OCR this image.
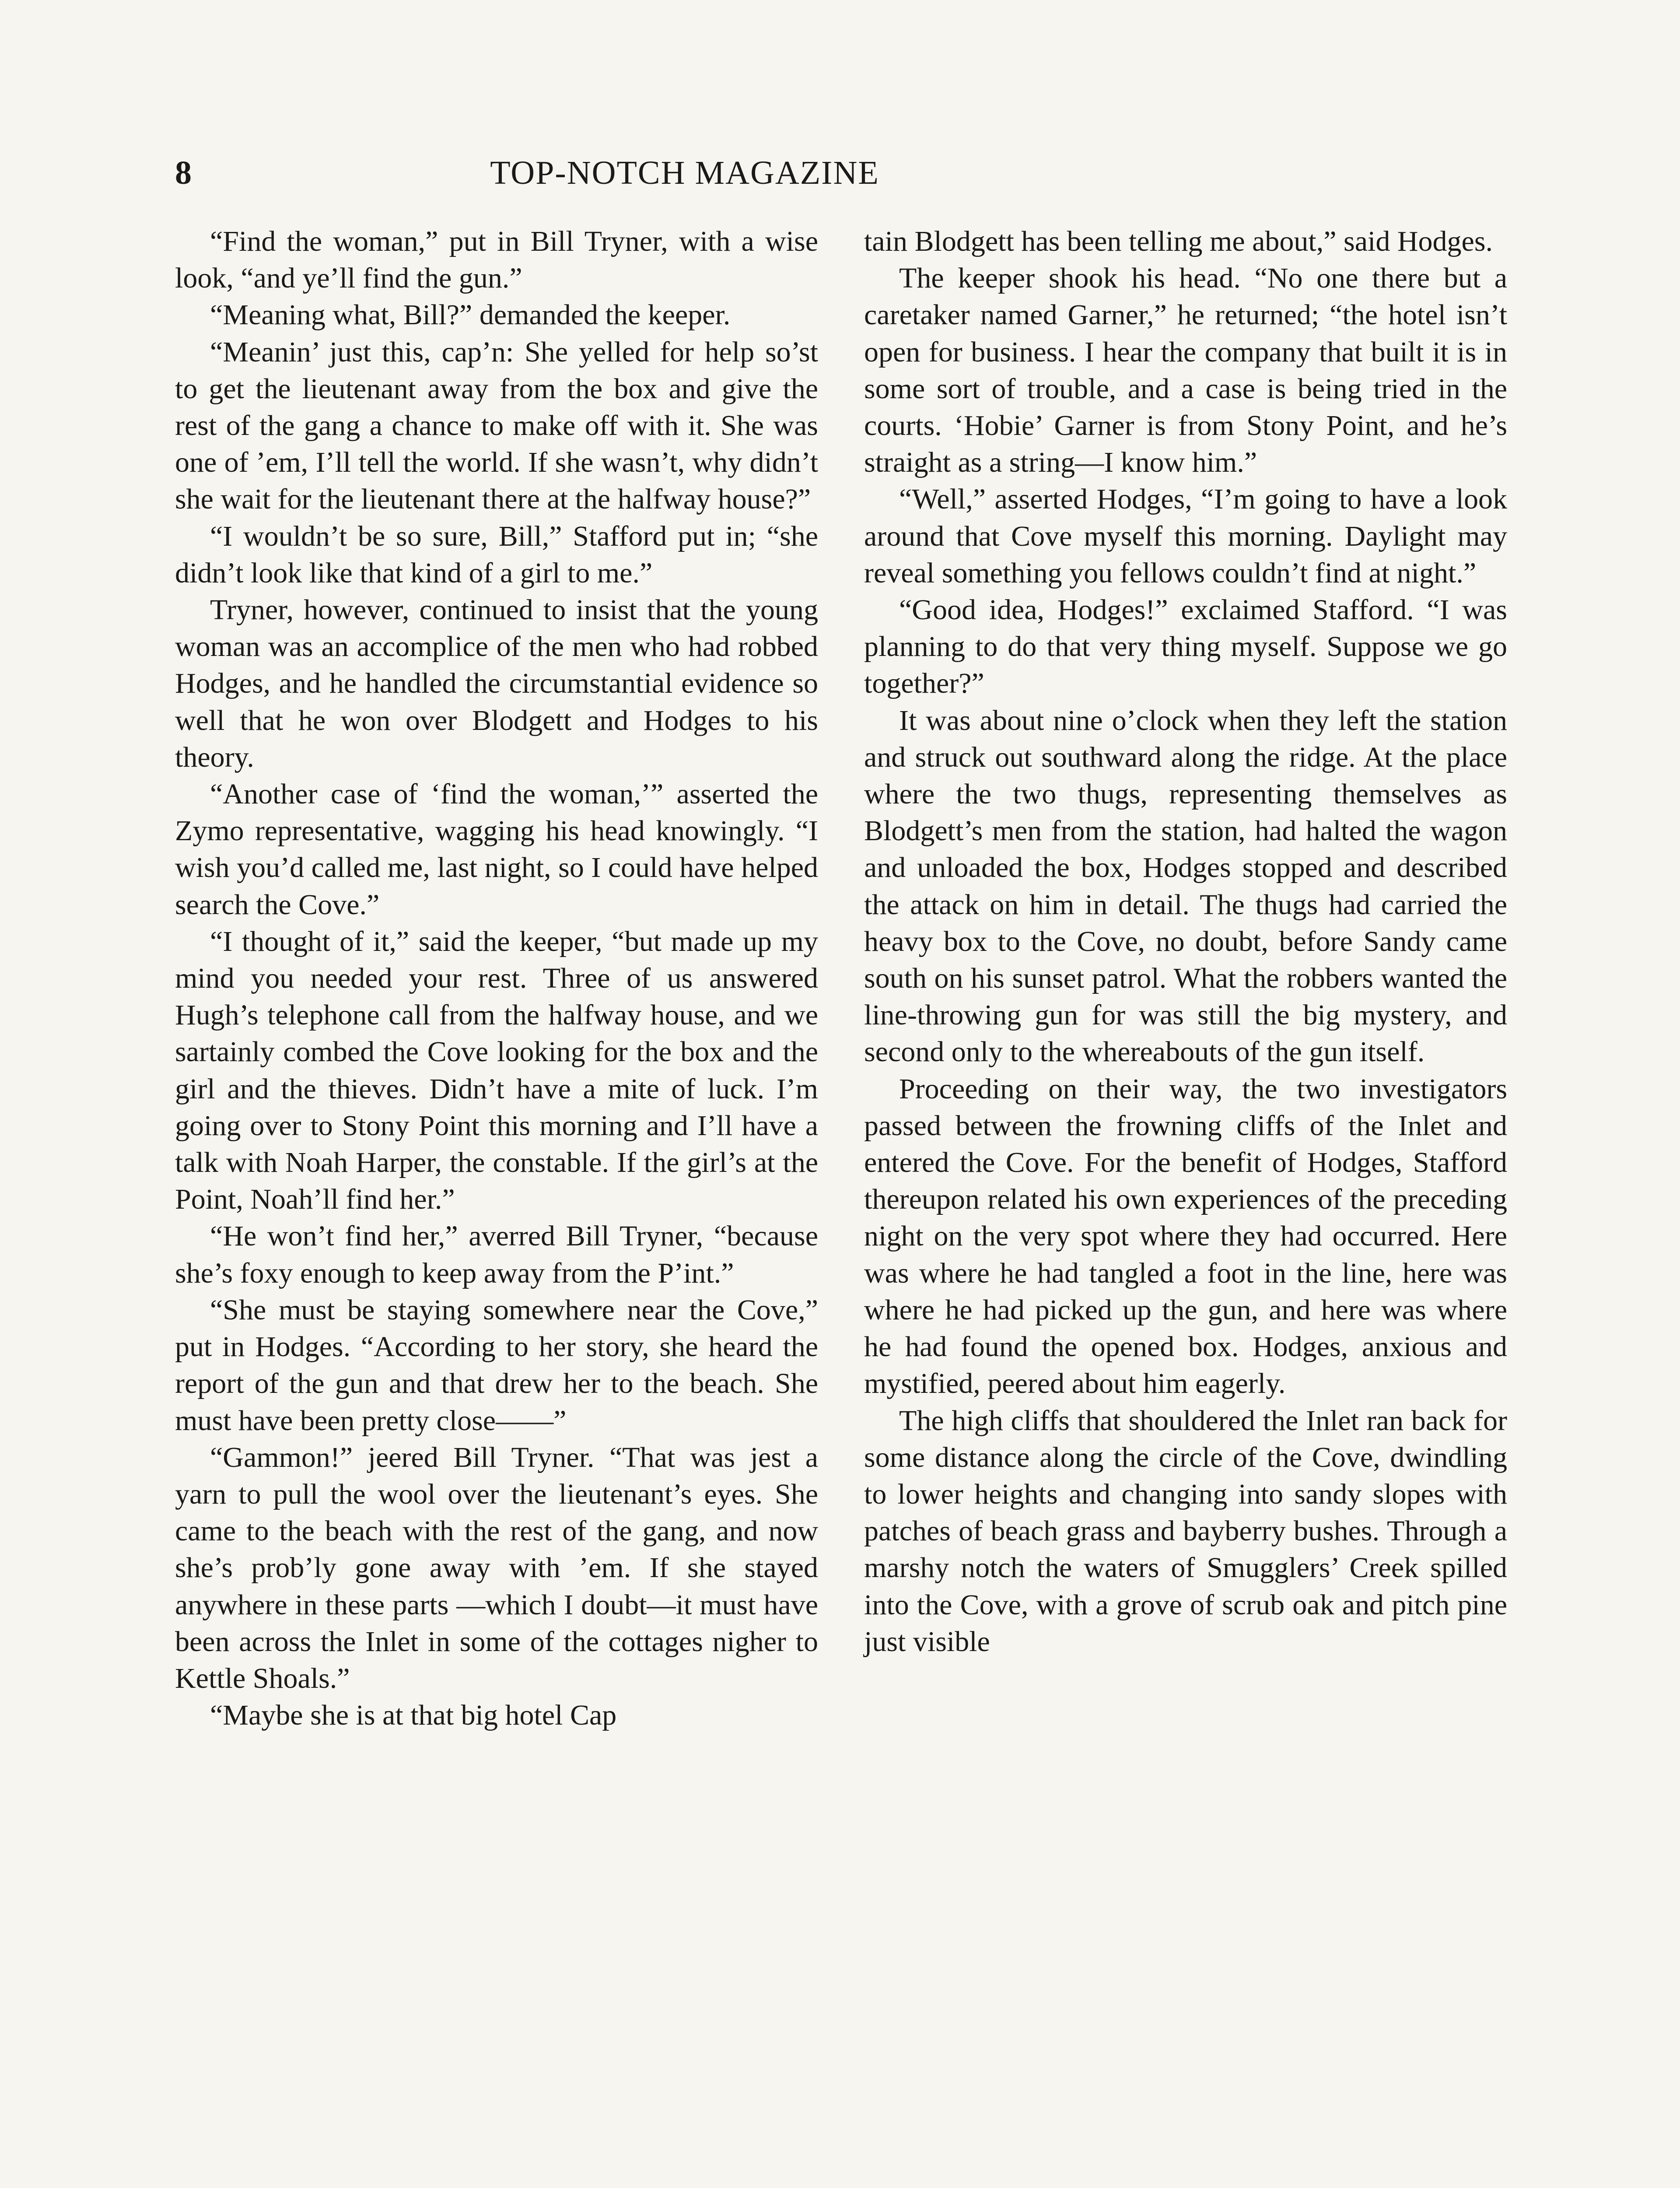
8	TOP-NOTCH MAGAZINE

“Find the woman,” put in Bill Tryner, with a wise look, “and ye’ll find the gun.”

“Meaning what, Bill?” demanded the keeper.

“Meanin’ just this, cap’n: She yelled for help so’st to get the lieutenant away from the box and give the rest of the gang a chance to make off with it. She was one of ’em, I’ll tell the world. If she wasn’t, why didn’t she wait for the lieutenant there at the halfway house?”

“I wouldn’t be so sure, Bill,” Stafford put in; “she didn’t look like that kind of a girl to me.”

Tryner, however, continued to insist that the young woman was an accomplice of the men who had robbed Hodges, and he handled the circumstantial evidence so well that he won over Blodgett and Hodges to his theory.

“Another case of ‘find the woman,’” asserted the Zymo representative, wagging his head knowingly. “I wish you’d called me, last night, so I could have helped search the Cove.”

“I thought of it,” said the keeper, “but made up my mind you needed your rest. Three of us answered Hugh’s telephone call from the halfway house, and we sartainly combed the Cove looking for the box and the girl and the thieves. Didn’t have a mite of luck. I’m going over to Stony Point this morning and I’ll have a talk with Noah Harper, the constable. If the girl’s at the Point, Noah’ll find her.”

“He won’t find her,” averred Bill Tryner, “because she’s foxy enough to keep away from the P’int.”

“She must be staying somewhere near the Cove,” put in Hodges. “According to her story, she heard the report of the gun and that drew her to the beach. She must have been pretty close——”

“Gammon!” jeered Bill Tryner. “That was jest a yarn to pull the wool over the lieutenant’s eyes. She came to the beach with the rest of the gang, and now she’s prob’ly gone away with ’em. If she stayed anywhere in these parts —which I doubt—it must have been across the Inlet in some of the cottages nigher to Kettle Shoals.”

“Maybe she is at that big hotel Cap

tain Blodgett has been telling me about,” said Hodges.

The keeper shook his head. “No one there but a caretaker named Garner,” he returned; “the hotel isn’t open for business. I hear the company that built it is in some sort of trouble, and a case is being tried in the courts. ‘Hobie’ Garner is from Stony Point, and he’s straight as a string—I know him.”

“Well,” asserted Hodges, “I’m going to have a look around that Cove myself this morning. Daylight may reveal something you fellows couldn’t find at night.”

“Good idea, Hodges!” exclaimed Stafford. “I was planning to do that very thing myself. Suppose we go together?”

It was about nine o’clock when they left the station and struck out southward along the ridge. At the place where the two thugs, representing themselves as Blodgett’s men from the station, had halted the wagon and unloaded the box, Hodges stopped and described the attack on him in detail. The thugs had carried the heavy box to the Cove, no doubt, before Sandy came south on his sunset patrol. What the robbers wanted the line-throwing gun for was still the big mystery, and second only to the whereabouts of the gun itself.

Proceeding on their way, the two investigators passed between the frowning cliffs of the Inlet and entered the Cove. For the benefit of Hodges, Stafford thereupon related his own experiences of the preceding night on the very spot where they had occurred. Here was where he had tangled a foot in the line, here was where he had picked up the gun, and here was where he had found the opened box. Hodges, anxious and mystified, peered about him eagerly.

The high cliffs that shouldered the Inlet ran back for some distance along the circle of the Cove, dwindling to lower heights and changing into sandy slopes with patches of beach grass and bayberry bushes. Through a marshy notch the waters of Smugglers’ Creek spilled into the Cove, with a grove of scrub oak and pitch pine just visible
